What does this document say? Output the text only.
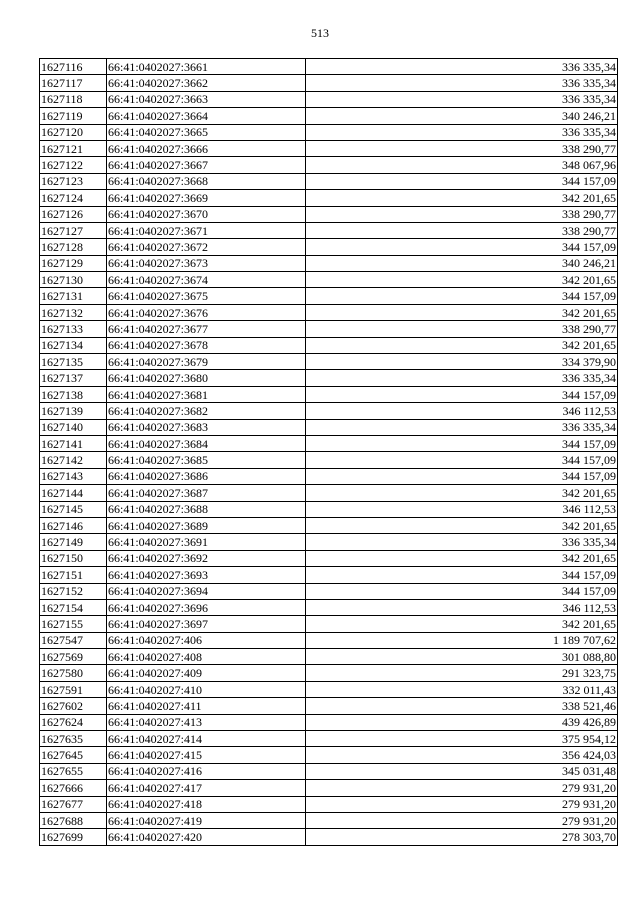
513
1627116	66:41:0402027:3661	336 335,34
1627117	66:41:0402027:3662	336 335,34
1627118	66:41:0402027:3663	336 335,34
1627119	66:41:0402027:3664	340 246,21
1627120	66:41:0402027:3665	336 335,34
1627121	66:41:0402027:3666	338 290,77
1627122	66:41:0402027:3667	348 067,96
1627123	66:41:0402027:3668	344 157,09
1627124	66:41:0402027:3669	342 201,65
1627126	66:41:0402027:3670	338 290,77
1627127	66:41:0402027:3671	338 290,77
1627128	66:41:0402027:3672	344 157,09
1627129	66:41:0402027:3673	340 246,21
1627130	66:41:0402027:3674	342 201,65
1627131	66:41:0402027:3675	344 157,09
1627132	66:41:0402027:3676	342 201,65
1627133	66:41:0402027:3677	338 290,77
1627134	66:41:0402027:3678	342 201,65
1627135	66:41:0402027:3679	334 379,90
1627137	66:41:0402027:3680	336 335,34
1627138	66:41:0402027:3681	344 157,09
1627139	66:41:0402027:3682	346 112,53
1627140	66:41:0402027:3683	336 335,34
1627141	66:41:0402027:3684	344 157,09
1627142	66:41:0402027:3685	344 157,09
1627143	66:41:0402027:3686	344 157,09
1627144	66:41:0402027:3687	342 201,65
1627145	66:41:0402027:3688	346 112,53
1627146	66:41:0402027:3689	342 201,65
1627149	66:41:0402027:3691	336 335,34
1627150	66:41:0402027:3692	342 201,65
1627151	66:41:0402027:3693	344 157,09
1627152	66:41:0402027:3694	344 157,09
1627154	66:41:0402027:3696	346 112,53
1627155	66:41:0402027:3697	342 201,65
1627547	66:41:0402027:406	1 189 707,62
1627569	66:41:0402027:408	301 088,80
1627580	66:41:0402027:409	291 323,75
1627591	66:41:0402027:410	332 011,43
1627602	66:41:0402027:411	338 521,46
1627624	66:41:0402027:413	439 426,89
1627635	66:41:0402027:414	375 954,12
1627645	66:41:0402027:415	356 424,03
1627655	66:41:0402027:416	345 031,48
1627666	66:41:0402027:417	279 931,20
1627677	66:41:0402027:418	279 931,20
1627688	66:41:0402027:419	279 931,20
1627699	66:41:0402027:420	278 303,70
